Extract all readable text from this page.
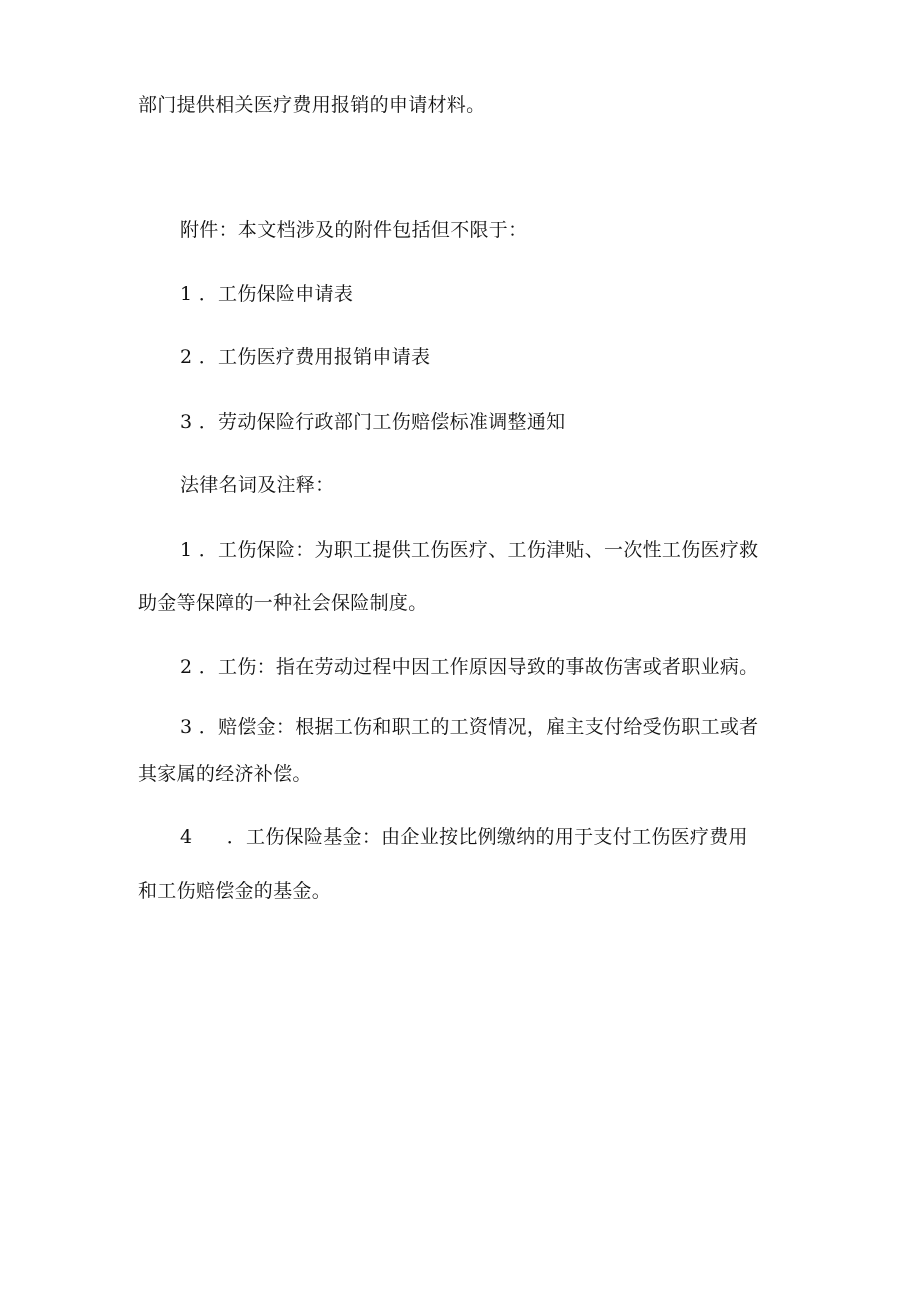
部门提供相关医疗费用报销的申请材料。
附件：本文档涉及的附件包括但不限于：
1 ．工伤保险申请表
2 ．工伤医疗费用报销申请表
3 ．劳动保险行政部门工伤赔偿标准调整通知
法律名词及注释：
1 ．工伤保险：为职工提供工伤医疗、工伤津贴、一次性工伤医疗救
助金等保障的一种社会保险制度。
2 ．工伤：指在劳动过程中因工作原因导致的事故伤害或者职业病。
3 ．赔偿金：根据工伤和职工的工资情况，雇主支付给受伤职工或者
其家属的经济补偿。
4 ．工伤保险基金：由企业按比例缴纳的用于支付工伤医疗费用
和工伤赔偿金的基金。
